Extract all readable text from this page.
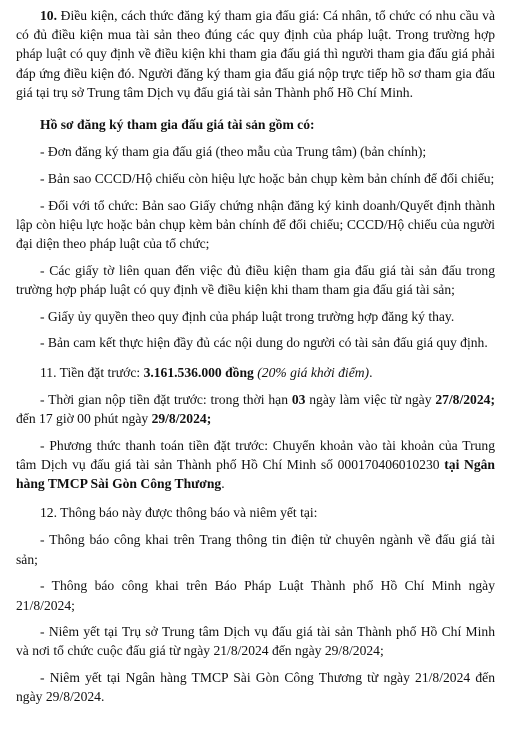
10. Điều kiện, cách thức đăng ký tham gia đấu giá: Cá nhân, tổ chức có nhu cầu và có đủ điều kiện mua tài sản theo đúng các quy định của pháp luật. Trong trường hợp pháp luật có quy định về điều kiện khi tham gia đấu giá thì người tham gia đấu giá phải đáp ứng điều kiện đó. Người đăng ký tham gia đấu giá nộp trực tiếp hồ sơ tham gia đấu giá tại trụ sở Trung tâm Dịch vụ đấu giá tài sản Thành phố Hồ Chí Minh.

Hồ sơ đăng ký tham gia đấu giá tài sản gồm có:

- Đơn đăng ký tham gia đấu giá (theo mẫu của Trung tâm) (bản chính);

- Bản sao CCCD/Hộ chiếu còn hiệu lực hoặc bản chụp kèm bản chính để đối chiếu;

- Đối với tổ chức: Bản sao Giấy chứng nhận đăng ký kinh doanh/Quyết định thành lập còn hiệu lực hoặc bản chụp kèm bản chính để đối chiếu; CCCD/Hộ chiếu của người đại diện theo pháp luật của tổ chức;

- Các giấy tờ liên quan đến việc đủ điều kiện tham gia đấu giá tài sản đấu trong trường hợp pháp luật có quy định về điều kiện khi tham tham gia đấu giá tài sản;

- Giấy ủy quyền theo quy định của pháp luật trong trường hợp đăng ký thay.

- Bản cam kết thực hiện đầy đủ các nội dung do người có tài sản đấu giá quy định.

11. Tiền đặt trước: 3.161.536.000 đồng (20% giá khởi điểm).

- Thời gian nộp tiền đặt trước: trong thời hạn 03 ngày làm việc từ ngày 27/8/2024; đến 17 giờ 00 phút ngày 29/8/2024;

- Phương thức thanh toán tiền đặt trước: Chuyển khoản vào tài khoản của Trung tâm Dịch vụ đấu giá tài sản Thành phố Hồ Chí Minh số 000170406010230 tại Ngân hàng TMCP Sài Gòn Công Thương.

12. Thông báo này được thông báo và niêm yết tại:

- Thông báo công khai trên Trang thông tin điện tử chuyên ngành về đấu giá tài sản;

- Thông báo công khai trên Báo Pháp Luật Thành phố Hồ Chí Minh ngày 21/8/2024;

- Niêm yết tại Trụ sở Trung tâm Dịch vụ đấu giá tài sản Thành phố Hồ Chí Minh và nơi tổ chức cuộc đấu giá từ ngày 21/8/2024 đến ngày 29/8/2024;

- Niêm yết tại Ngân hàng TMCP Sài Gòn Công Thương từ ngày 21/8/2024 đến ngày 29/8/2024.
